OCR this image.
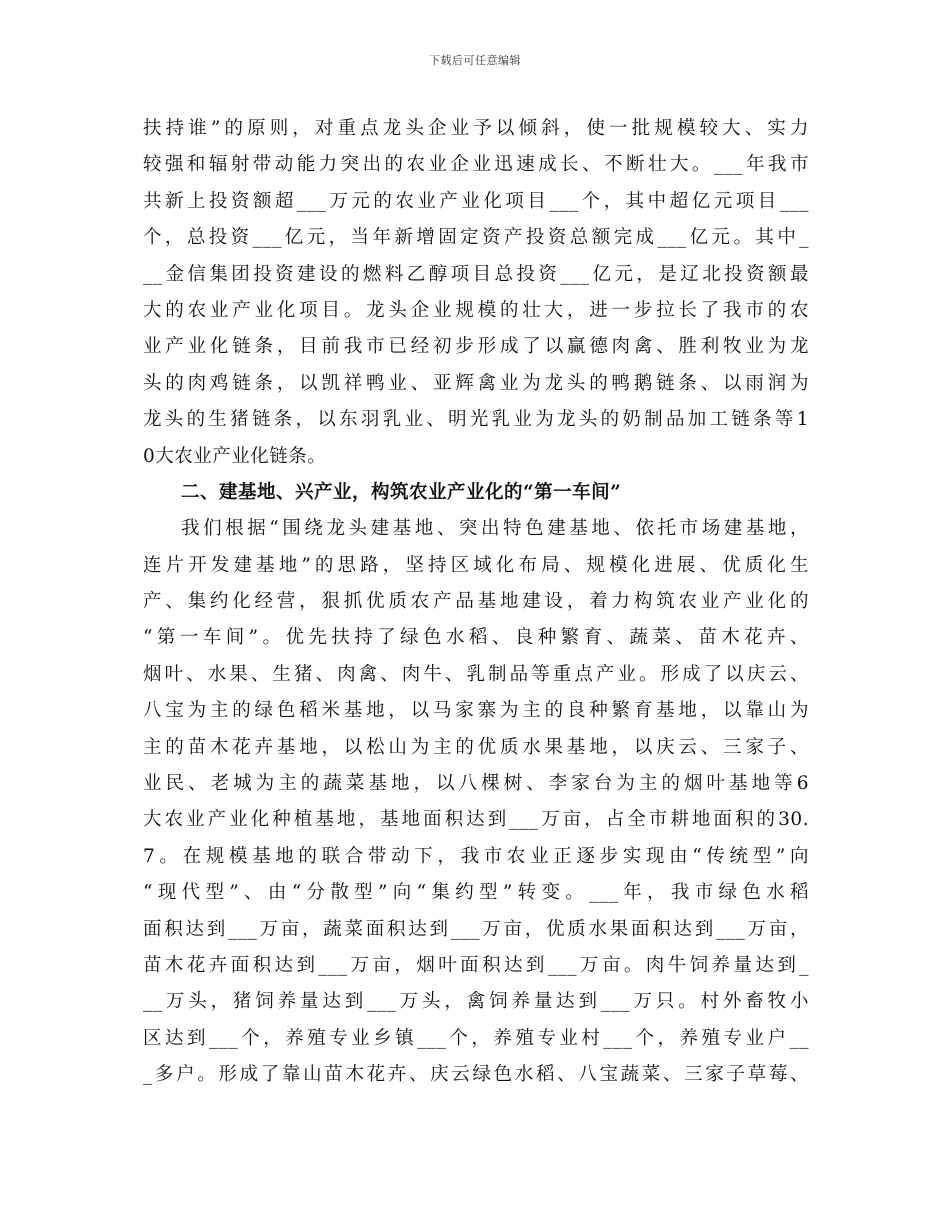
下载后可任意编辑
扶持谁”的原则，对重点龙头企业予以倾斜，使一批规模较大、实力
较强和辐射带动能力突出的农业企业迅速成长、不断壮大。___年我市
共新上投资额超___万元的农业产业化项目___个，其中超亿元项目___
个，总投资___亿元，当年新增固定资产投资总额完成___亿元。其中_
__金信集团投资建设的燃料乙醇项目总投资___亿元，是辽北投资额最
大的农业产业化项目。龙头企业规模的壮大，进一步拉长了我市的农
业产业化链条，目前我市已经初步形成了以赢德肉禽、胜利牧业为龙
头的肉鸡链条，以凯祥鸭业、亚辉禽业为龙头的鸭鹅链条、以雨润为
龙头的生猪链条，以东羽乳业、明光乳业为龙头的奶制品加工链条等1
0大农业产业化链条。
二、建基地、兴产业，构筑农业产业化的“第一车间”
我们根据“围绕龙头建基地、突出特色建基地、依托市场建基地，
连片开发建基地”的思路，坚持区域化布局、规模化进展、优质化生
产、集约化经营，狠抓优质农产品基地建设，着力构筑农业产业化的
“第一车间”。优先扶持了绿色水稻、良种繁育、蔬菜、苗木花卉、
烟叶、水果、生猪、肉禽、肉牛、乳制品等重点产业。形成了以庆云、
八宝为主的绿色稻米基地，以马家寨为主的良种繁育基地，以靠山为
主的苗木花卉基地，以松山为主的优质水果基地，以庆云、三家子、
业民、老城为主的蔬菜基地，以八棵树、李家台为主的烟叶基地等6
大农业产业化种植基地，基地面积达到___万亩，占全市耕地面积的30.
7。在规模基地的联合带动下，我市农业正逐步实现由“传统型”向
“现代型”、由“分散型”向“集约型”转变。___年，我市绿色水稻
面积达到___万亩，蔬菜面积达到___万亩，优质水果面积达到___万亩，
苗木花卉面积达到___万亩，烟叶面积达到___万亩。肉牛饲养量达到_
__万头，猪饲养量达到___万头，禽饲养量达到___万只。村外畜牧小
区达到___个，养殖专业乡镇___个，养殖专业村___个，养殖专业户__
_多户。形成了靠山苗木花卉、庆云绿色水稻、八宝蔬菜、三家子草莓、
